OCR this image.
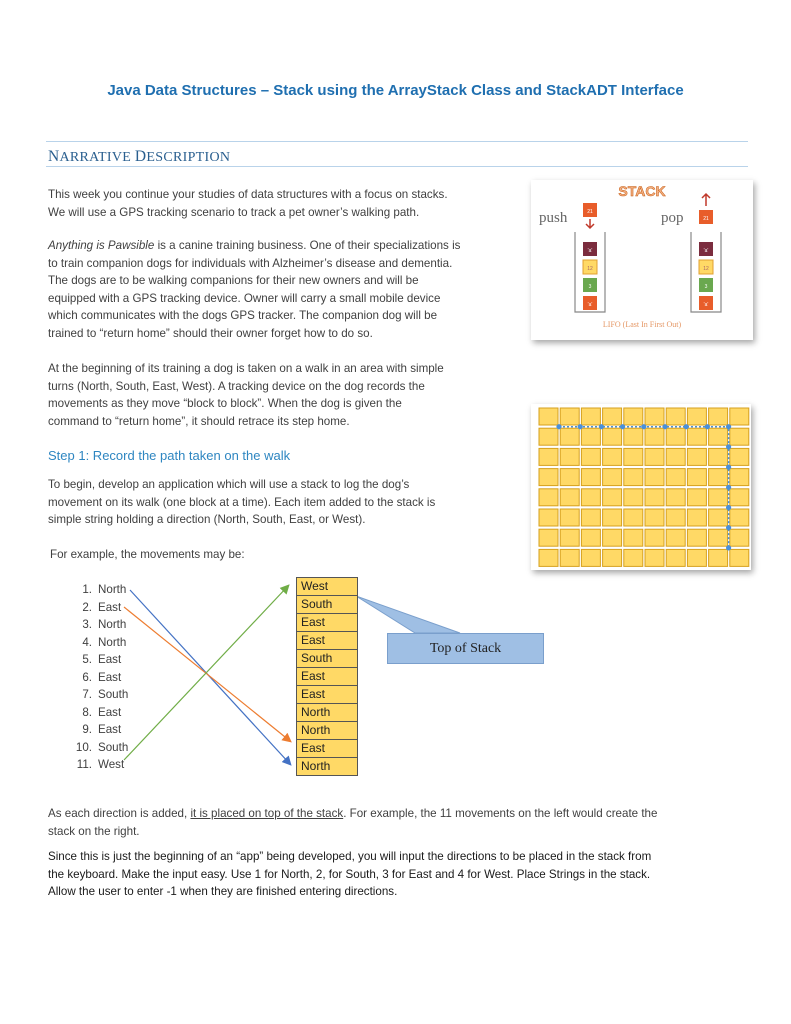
Java Data Structures – Stack using the ArrayStack Class and StackADT Interface
NARRATIVE DESCRIPTION
This week you continue your studies of data structures with a focus on stacks.
We will use a GPS tracking scenario to track a pet owner’s walking path.
Anything is Pawsible is a canine training business. One of their specializations is
to train companion dogs for individuals with Alzheimer’s disease and dementia.
The dogs are to be walking companions for their new owners and will be
equipped with a GPS tracking device. Owner will carry a small mobile device
which communicates with the dogs GPS tracker. The companion dog will be
trained to “return home” should their owner forget how to do so.
At the beginning of its training a dog is taken on a walk in an area with simple
turns (North, South, East, West). A tracking device on the dog records the
movements as they move “block to block”. When the dog is given the
command to “return home”, it should retrace its step home.
Step 1: Record the path taken on the walk
To begin, develop an application which will use a stack to log the dog’s
movement on its walk (one block at a time). Each item added to the stack is
simple string holding a direction (North, South, East, or West).
For example, the movements may be:
1. North
2. East
3. North
4. North
5. East
6. East
7. South
8. East
9. East
10. South
11. West
West
South
East
East
South
East
East
North
North
East
North
Top of Stack
STACK
push	pop
21
21
'a'
12
3
'a'
'a'
12
3
'a'
LIFO (Last In First Out)
As each direction is added, it is placed on top of the stack. For example, the 11 movements on the left would create the
stack on the right.
Since this is just the beginning of an “app” being developed, you will input the directions to be placed in the stack from
the keyboard. Make the input easy. Use 1 for North, 2, for South, 3 for East and 4 for West. Place Strings in the stack.
Allow the user to enter -1 when they are finished entering directions.
